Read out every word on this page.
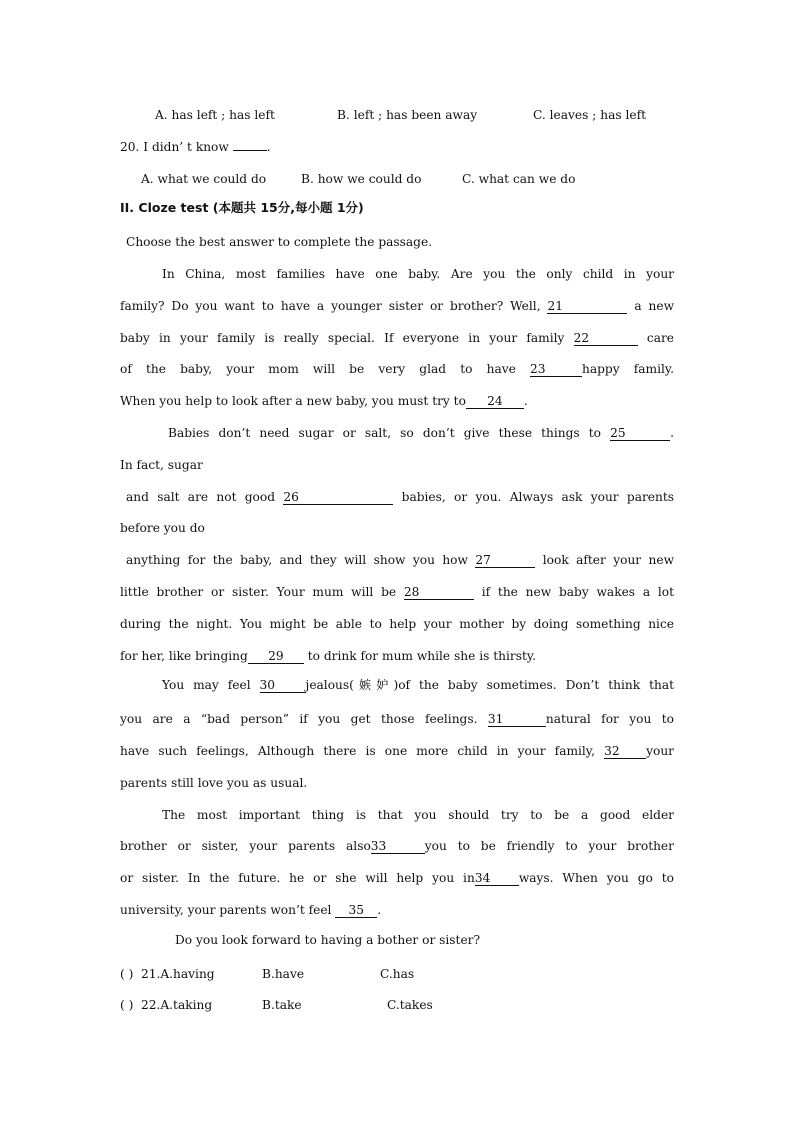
A. has left ; has left	B. left ; has been away	C. leaves ; has left
20. I didn’ t know	.
A. what we could do	B. how we could do	C. what can we do
II. Cloze test (本题共 15分,每小题 1分)
Choose the best answer to complete the passage.
In China, most families have one baby. Are you the only child in your
family? Do you want to have a younger sister or brother? Well, 21	a new
baby in your family is really special. If everyone in your family 22	care
of the baby, your mom will be very glad to have 23	happy family.
When you help to look after a new baby, you must try to 24 .
Babies don’t need sugar or salt, so don’t give these things to 25	.
In fact, sugar
and salt are not good 26	babies, or you. Always ask your parents
before you do
anything for the baby, and they will show you how 27	look after your new
little brother or sister. Your mum will be 28	if the new baby wakes a lot
during the night. You might be able to help your mother by doing something nice
for her, like bringing 29 to drink for mum while she is thirsty.
You may feel 30 jealous(嫉妒)of the baby sometimes. Don’t think that
you are a “bad person” if you get those feelings. 31	natural for you to
have such feelings, Although there is one more child in your family, 32 your
parents still love you as usual.
The most important thing is that you should try to be a good elder
brother or sister, your parents also33	you to be friendly to your brother
or sister. In the future. he or she will help you in34 ways. When you go to
university, your parents won’t feel 35 .
Do you look forward to having a bother or sister?
( ) 21.A.having	B.have	C.has
( ) 22.A.taking	B.take	C.takes
